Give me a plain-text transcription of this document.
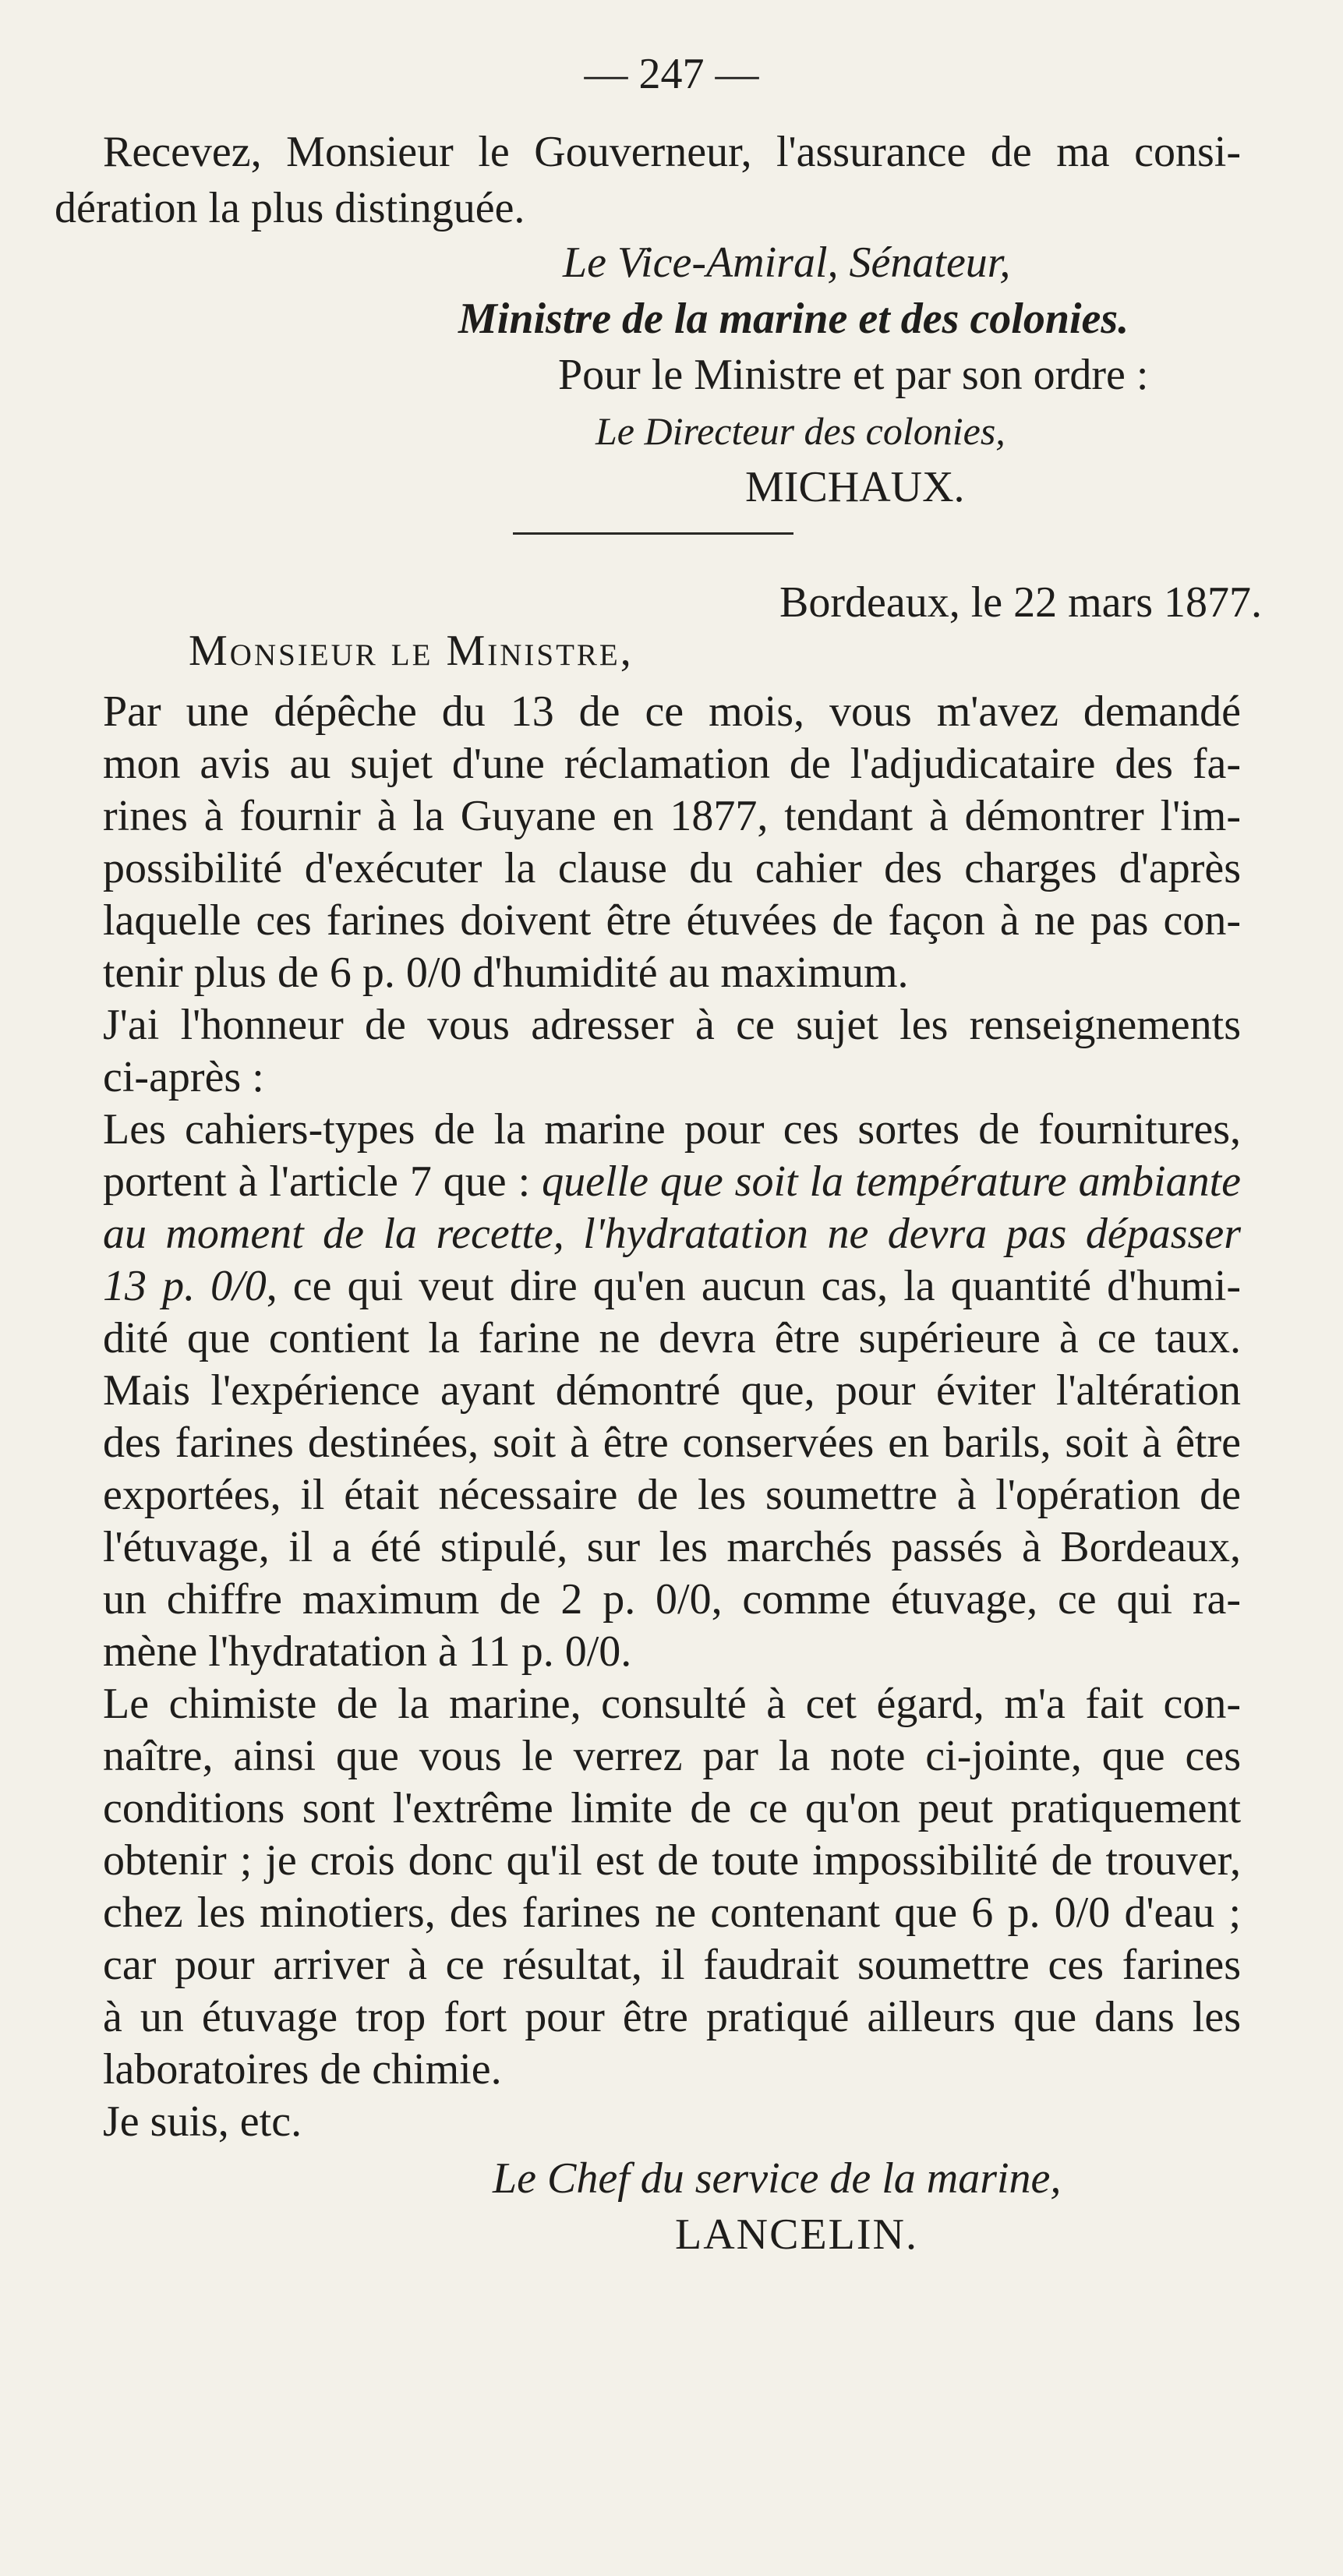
— 247 —

Recevez, Monsieur le Gouverneur, l'assurance de ma consi-

dération la plus distinguée.

Le Vice-Amiral, Sénateur,

Ministre de la marine et des colonies.

Pour le Ministre et par son ordre :

Le Directeur des colonies,

MICHAUX.

Bordeaux, le 22 mars 1877.

Monsieur le Ministre,

Par une dépêche du 13 de ce mois, vous m'avez demandé

mon avis au sujet d'une réclamation de l'adjudicataire des fa-

rines à fournir à la Guyane en 1877, tendant à démontrer l'im-

possibilité d'exécuter la clause du cahier des charges d'après

laquelle ces farines doivent être étuvées de façon à ne pas con-

tenir plus de 6 p. 0/0 d'humidité au maximum.

J'ai l'honneur de vous adresser à ce sujet les renseignements

ci-après :

Les cahiers-types de la marine pour ces sortes de fournitures,

portent à l'article 7 que : quelle que soit la température ambiante

au moment de la recette, l'hydratation ne devra pas dépasser

13 p. 0/0, ce qui veut dire qu'en aucun cas, la quantité d'humi-

dité que contient la farine ne devra être supérieure à ce taux.

Mais l'expérience ayant démontré que, pour éviter l'altération

des farines destinées, soit à être conservées en barils, soit à être

exportées, il était nécessaire de les soumettre à l'opération de

l'étuvage, il a été stipulé, sur les marchés passés à Bordeaux,

un chiffre maximum de 2 p. 0/0, comme étuvage, ce qui ra-

mène l'hydratation à 11 p. 0/0.

Le chimiste de la marine, consulté à cet égard, m'a fait con-

naître, ainsi que vous le verrez par la note ci-jointe, que ces

conditions sont l'extrême limite de ce qu'on peut pratiquement

obtenir ; je crois donc qu'il est de toute impossibilité de trouver,

chez les minotiers, des farines ne contenant que 6 p. 0/0 d'eau ;

car pour arriver à ce résultat, il faudrait soumettre ces farines

à un étuvage trop fort pour être pratiqué ailleurs que dans les

laboratoires de chimie.

Je suis, etc.

Le Chef du service de la marine,

LANCELIN.
